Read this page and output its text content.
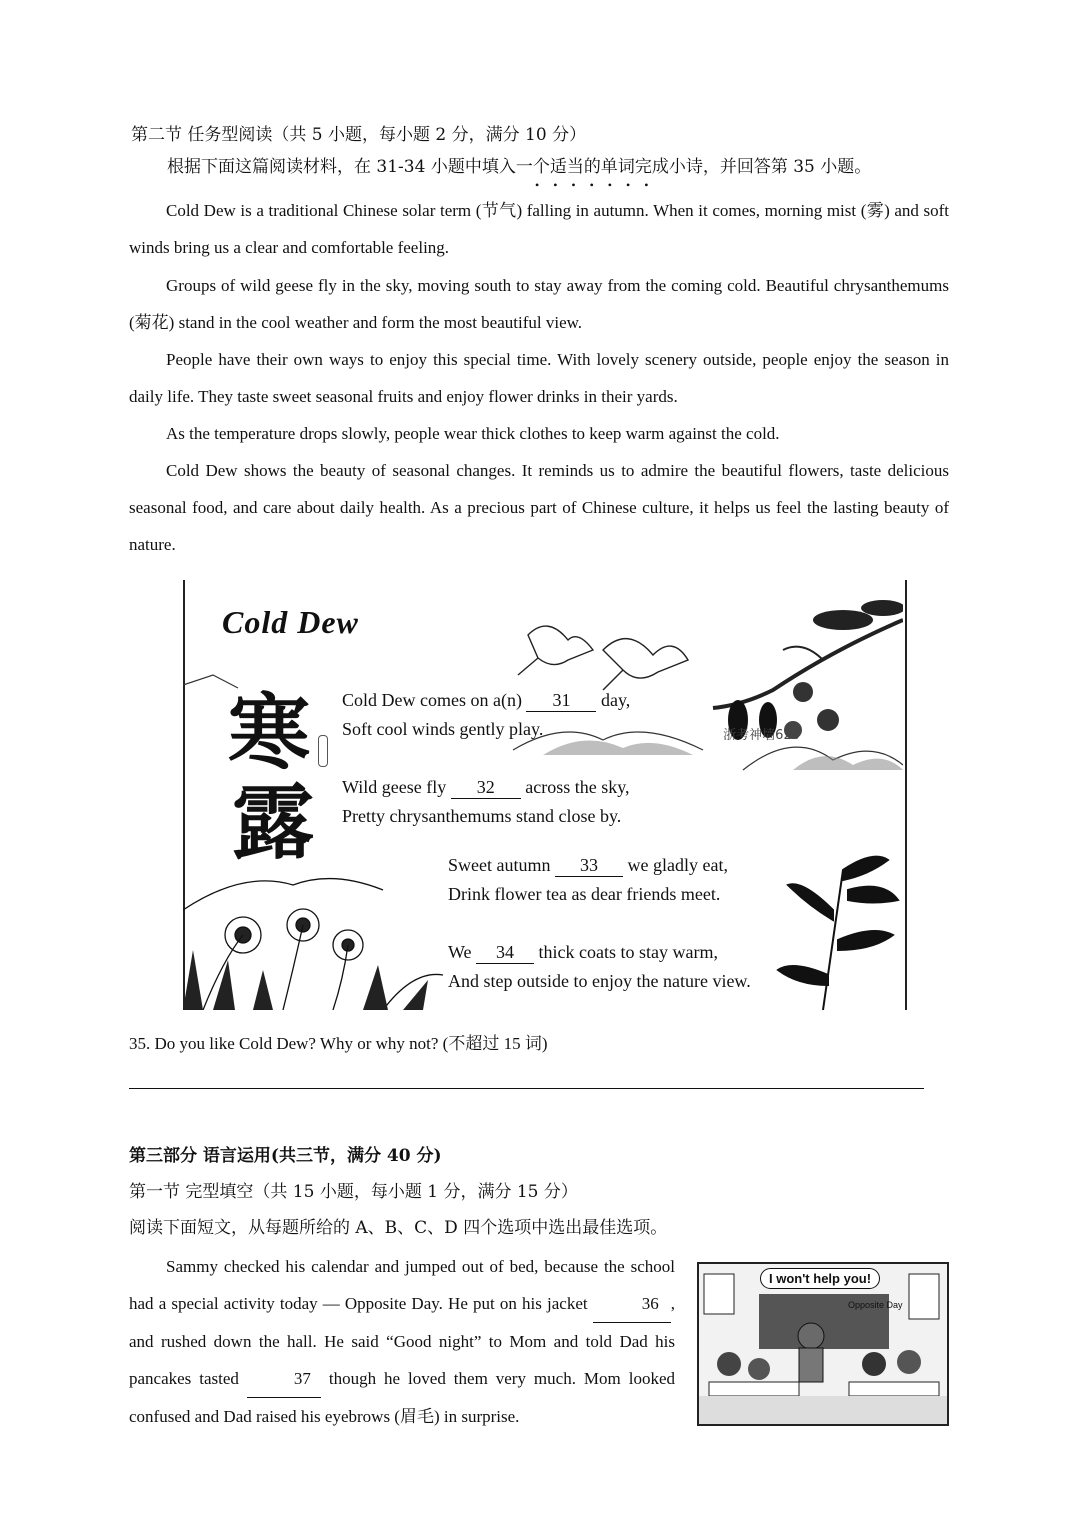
第二节 任务型阅读（共 5 小题，每小题 2 分，满分 10 分）
根据下面这篇阅读材料，在 31-34 小题中填入一个适当的单词完成小诗，并回答第 35 小题。
•••••••
Cold Dew is a traditional Chinese solar term (节气) falling in autumn. When it comes, morning mist (雾) and soft winds bring us a clear and comfortable feeling.
Groups of wild geese fly in the sky, moving south to stay away from the coming cold. Beautiful chrysanthemums (菊花) stand in the cool weather and form the most beautiful view.
People have their own ways to enjoy this special time. With lovely scenery outside, people enjoy the season in daily life. They taste sweet seasonal fruits and enjoy flower drinks in their yards.
As the temperature drops slowly, people wear thick clothes to keep warm against the cold.
Cold Dew shows the beauty of seasonal changes. It reminds us to admire the beautiful flowers, taste delicious seasonal food, and care about daily health. As a precious part of Chinese culture, it helps us feel the lasting beauty of nature.
Cold Dew
寒
露
Cold Dew comes on a(n) 31 day,
Soft cool winds gently play.	浙考神墙620
Wild geese fly 32 across the sky,
Pretty chrysanthemums stand close by.
Sweet autumn 33 we gladly eat,
Drink flower tea as dear friends meet.
We 34 thick coats to stay warm,
And step outside to enjoy the nature view.
35. Do you like Cold Dew? Why or why not? (不超过 15 词)
第三部分 语言运用(共三节，满分 40 分)
第一节 完型填空（共 15 小题，每小题 1 分，满分 15 分）
阅读下面短文，从每题所给的 A、B、C、D 四个选项中选出最佳选项。
Sammy checked his calendar and jumped out of bed, because the school had a special activity today — Opposite Day. He put on his jacket	36 , and rushed down the hall. He said “Good night” to Mom and told Dad his pancakes tasted	37 though he loved them very much. Mom looked confused and Dad raised his eyebrows (眉毛) in surprise.
I won't help you!
Opposite Day
